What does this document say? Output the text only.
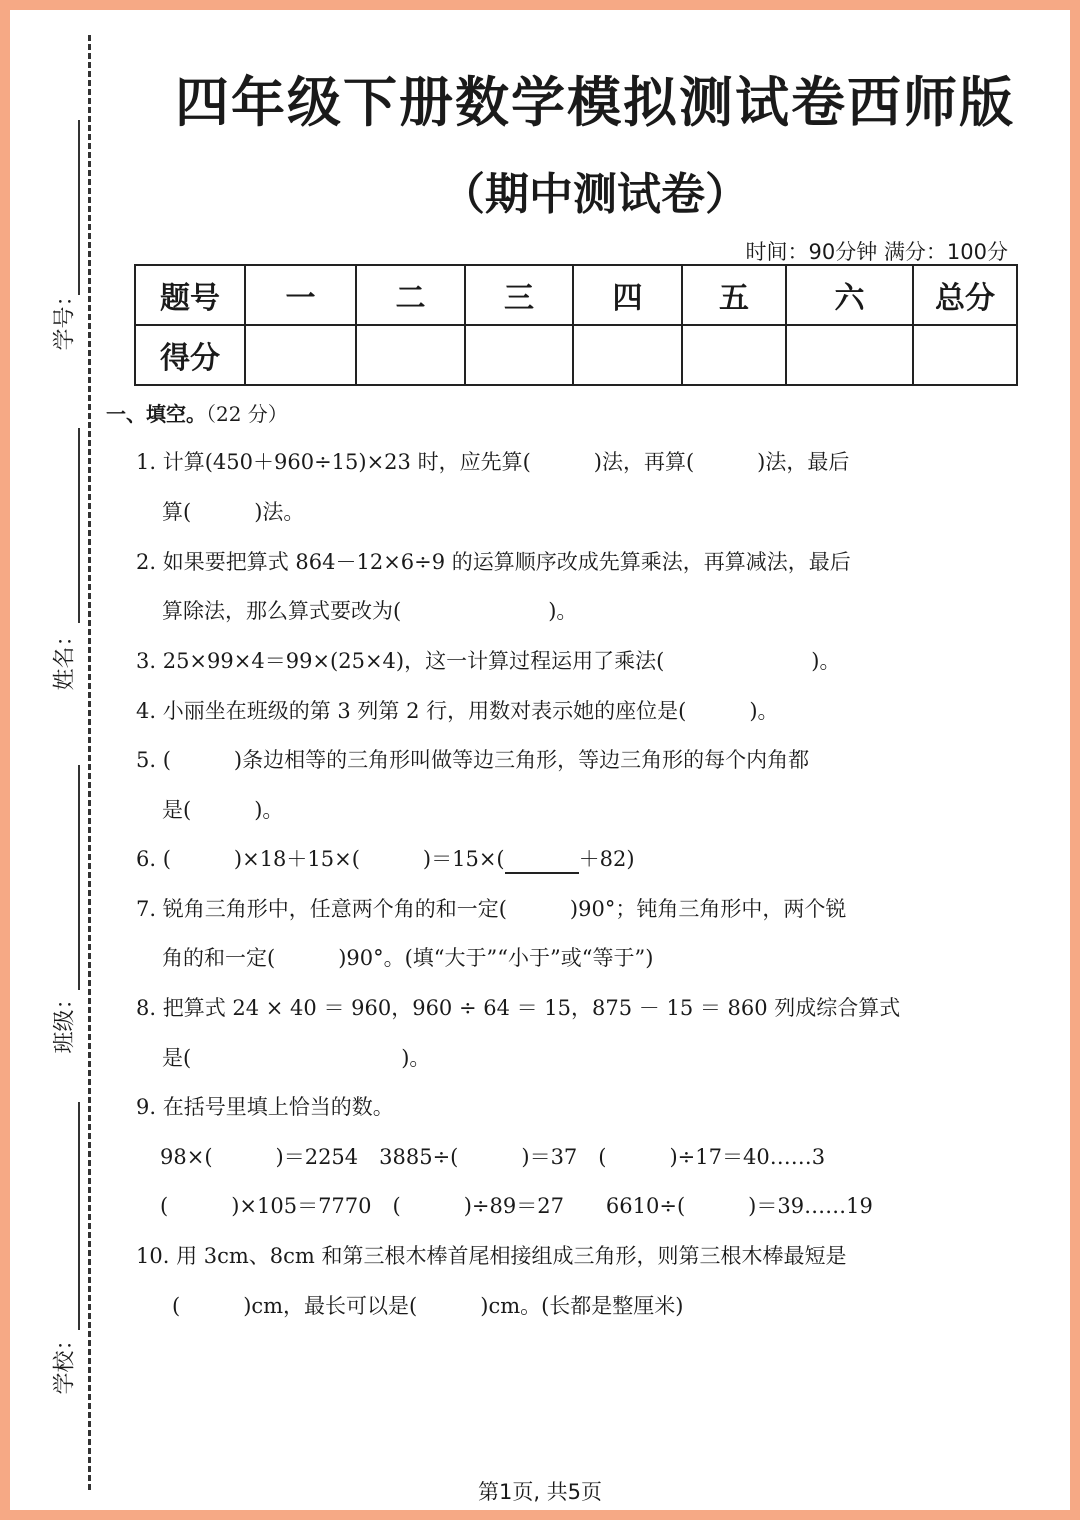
学号：
姓名：
班级：
学校：
四年级下册数学模拟测试卷西师版
（期中测试卷）
时间：90分钟 满分：100分
题号	一	二	三	四	五	六	总分
得分							
一、填空。（22 分）
1. 计算(450＋960÷15)×23 时，应先算(　　　)法，再算(　　　)法，最后
算(　　　)法。
2. 如果要把算式 864－12×6÷9 的运算顺序改成先算乘法，再算减法，最后
算除法，那么算式要改为(　　　　　　　)。
3. 25×99×4＝99×(25×4)，这一计算过程运用了乘法(　　　　　　　)。
4. 小丽坐在班级的第 3 列第 2 行，用数对表示她的座位是(　　　)。
5. (　　　)条边相等的三角形叫做等边三角形，等边三角形的每个内角都
是(　　　)。
6. (　　　)×18＋15×(　　　)＝15×(	＋82)
7. 锐角三角形中，任意两个角的和一定(　　　)90°；钝角三角形中，两个锐
角的和一定(　　　)90°。(填“大于”“小于”或“等于”)
8. 把算式 24 × 40 ＝ 960，960 ÷ 64 ＝ 15，875 － 15 ＝ 860 列成综合算式
是(　　　　　　　　　　)。
9. 在括号里填上恰当的数。
98×(　　　)＝2254　3885÷(　　　)＝37　(　　　)÷17＝40……3
(　　　)×105＝7770　(　　　)÷89＝27　　6610÷(　　　)＝39……19
10. 用 3cm、8cm 和第三根木棒首尾相接组成三角形，则第三根木棒最短是
(　　　)cm，最长可以是(　　　)cm。(长都是整厘米)
第1页, 共5页
